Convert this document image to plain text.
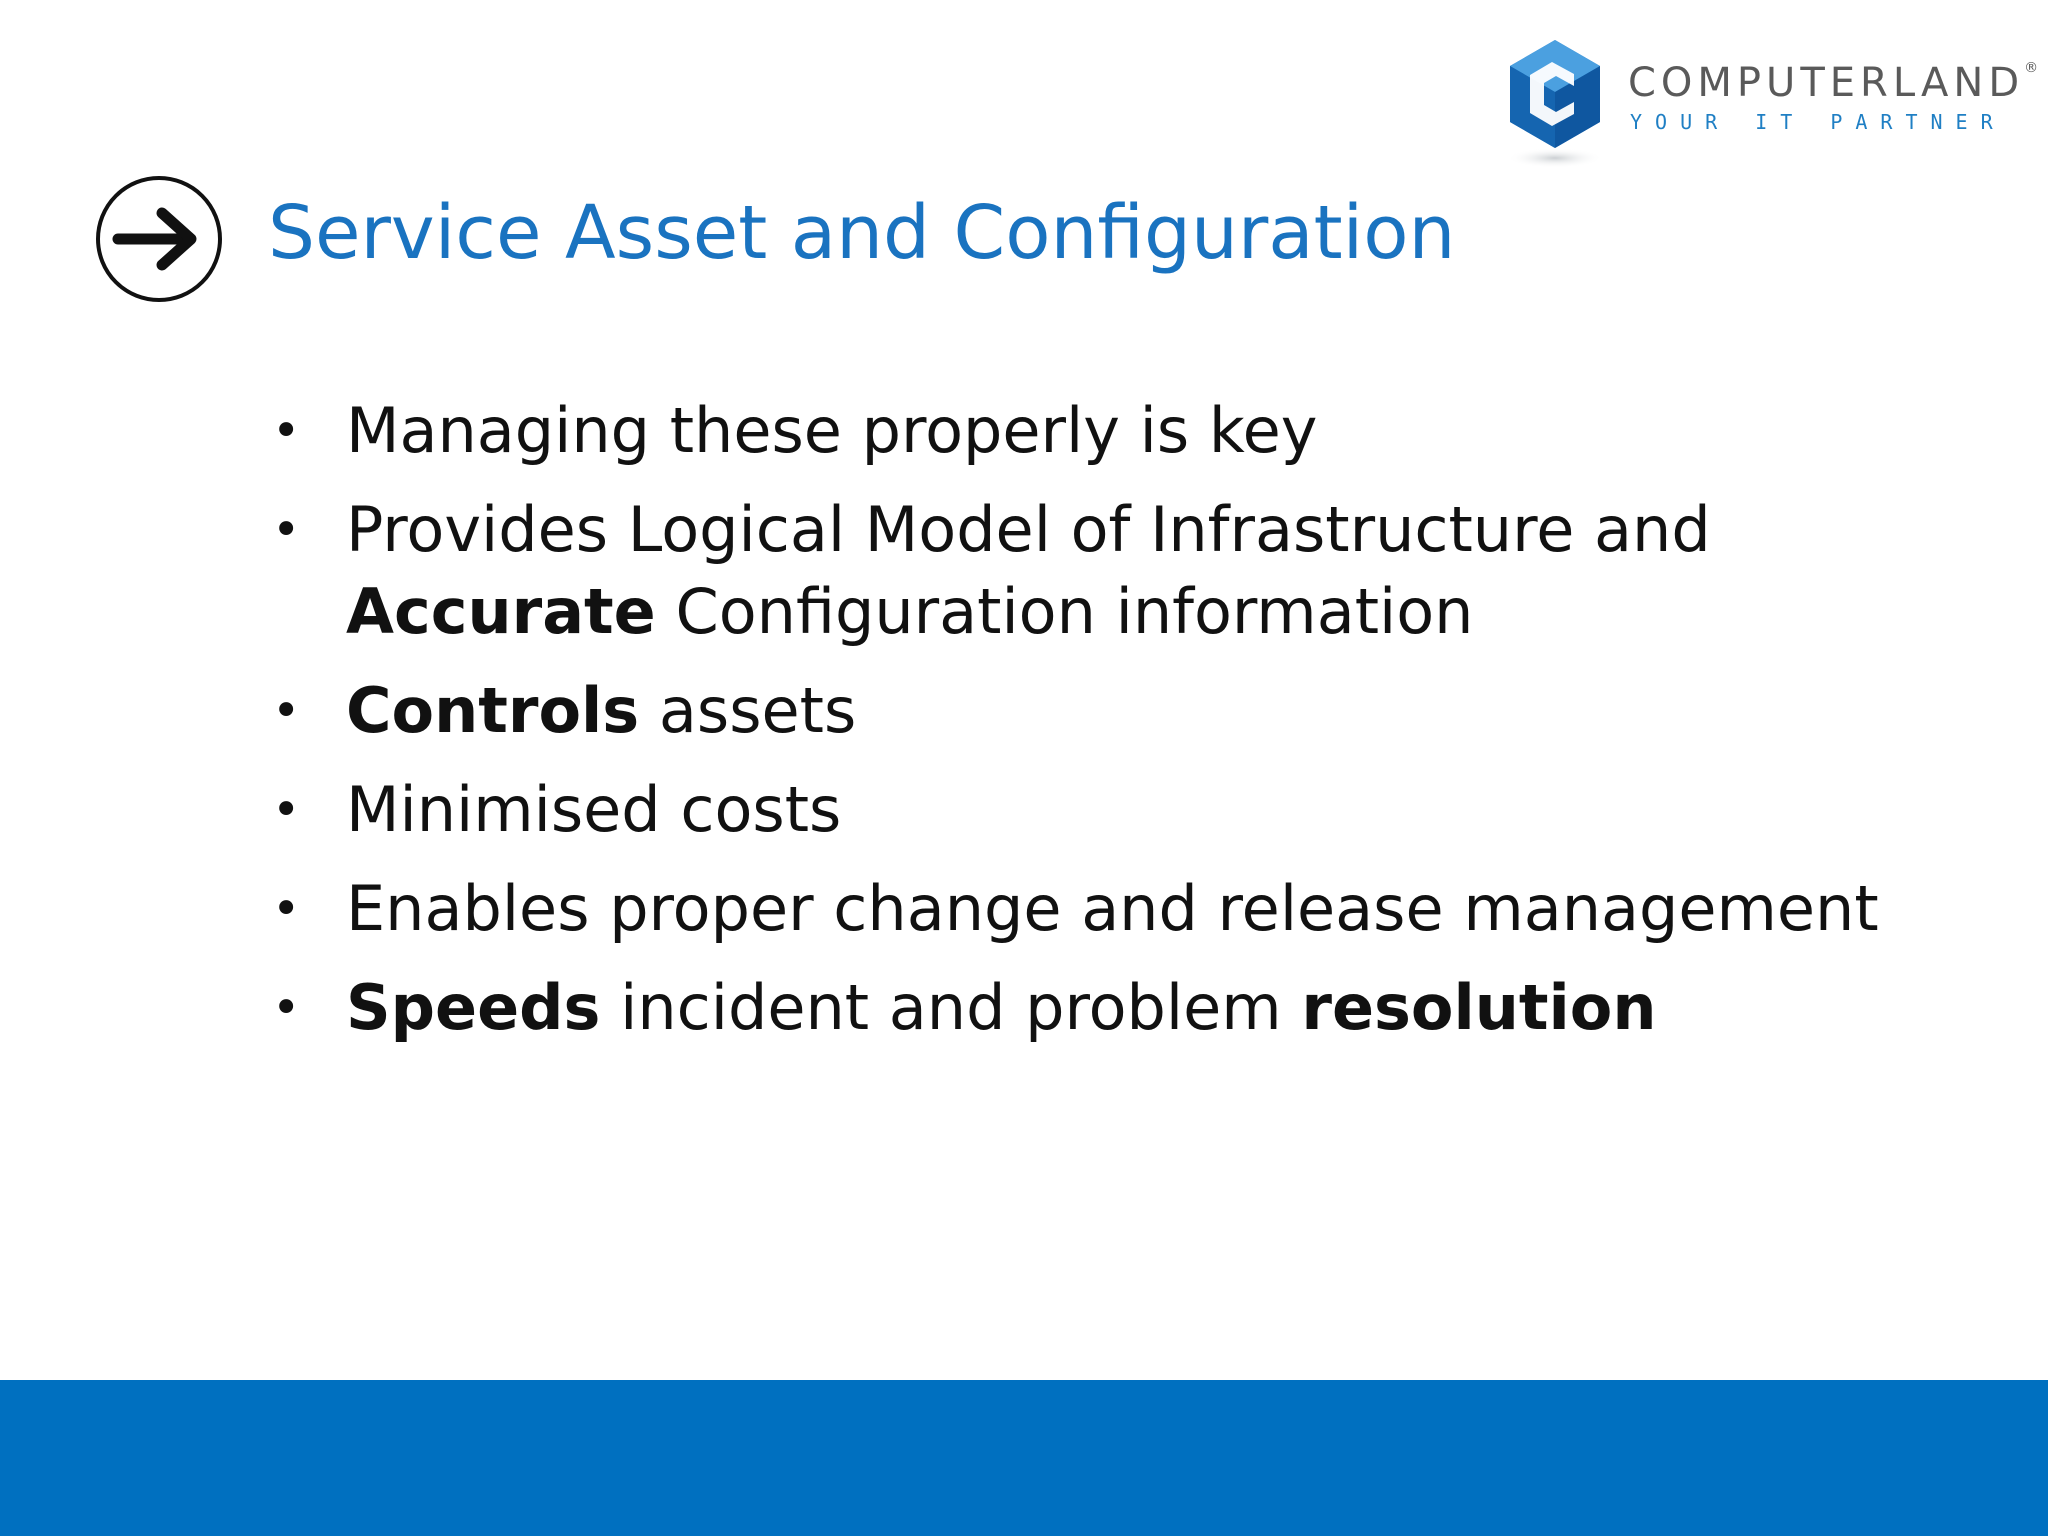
COMPUTERLAND®
YOUR IT PARTNER
Service Asset and Configuration
• Managing these properly is key
• Provides Logical Model of Infrastructure and
Accurate Configuration information
• Controls assets
• Minimised costs
• Enables proper change and release management
• Speeds incident and problem resolution
